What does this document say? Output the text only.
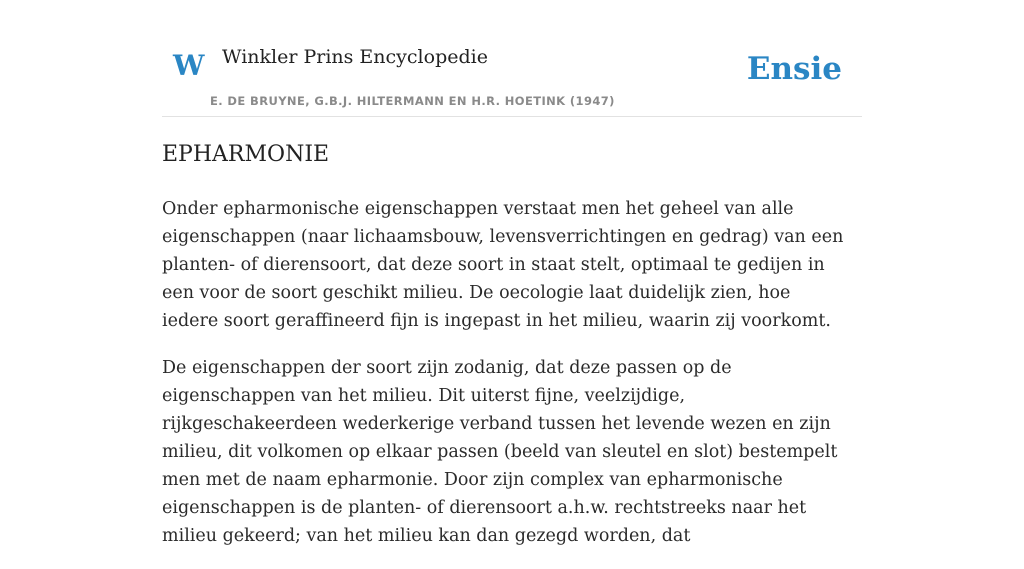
W Winkler Prins Encyclopedie
E. DE BRUYNE, G.B.J. HILTERMANN EN H.R. HOETINK (1947)
Ensie
EPHARMONIE

Onder epharmonische eigenschappen verstaat men het geheel van alle eigenschappen (naar lichaamsbouw, levensverrichtingen en gedrag) van een planten- of dierensoort, dat deze soort in staat stelt, optimaal te gedijen in een voor de soort geschikt milieu. De oecologie laat duidelijk zien, hoe iedere soort geraffineerd fijn is ingepast in het milieu, waarin zij voorkomt.

De eigenschappen der soort zijn zodanig, dat deze passen op de eigenschappen van het milieu. Dit uiterst fijne, veelzijdige, rijkgeschakeerdeen wederkerige verband tussen het levende wezen en zijn milieu, dit volkomen op elkaar passen (beeld van sleutel en slot) bestempelt men met de naam epharmonie. Door zijn complex van epharmonische eigenschappen is de planten- of dierensoort a.h.w. rechtstreeks naar het milieu gekeerd; van het milieu kan dan gezegd worden, dat
